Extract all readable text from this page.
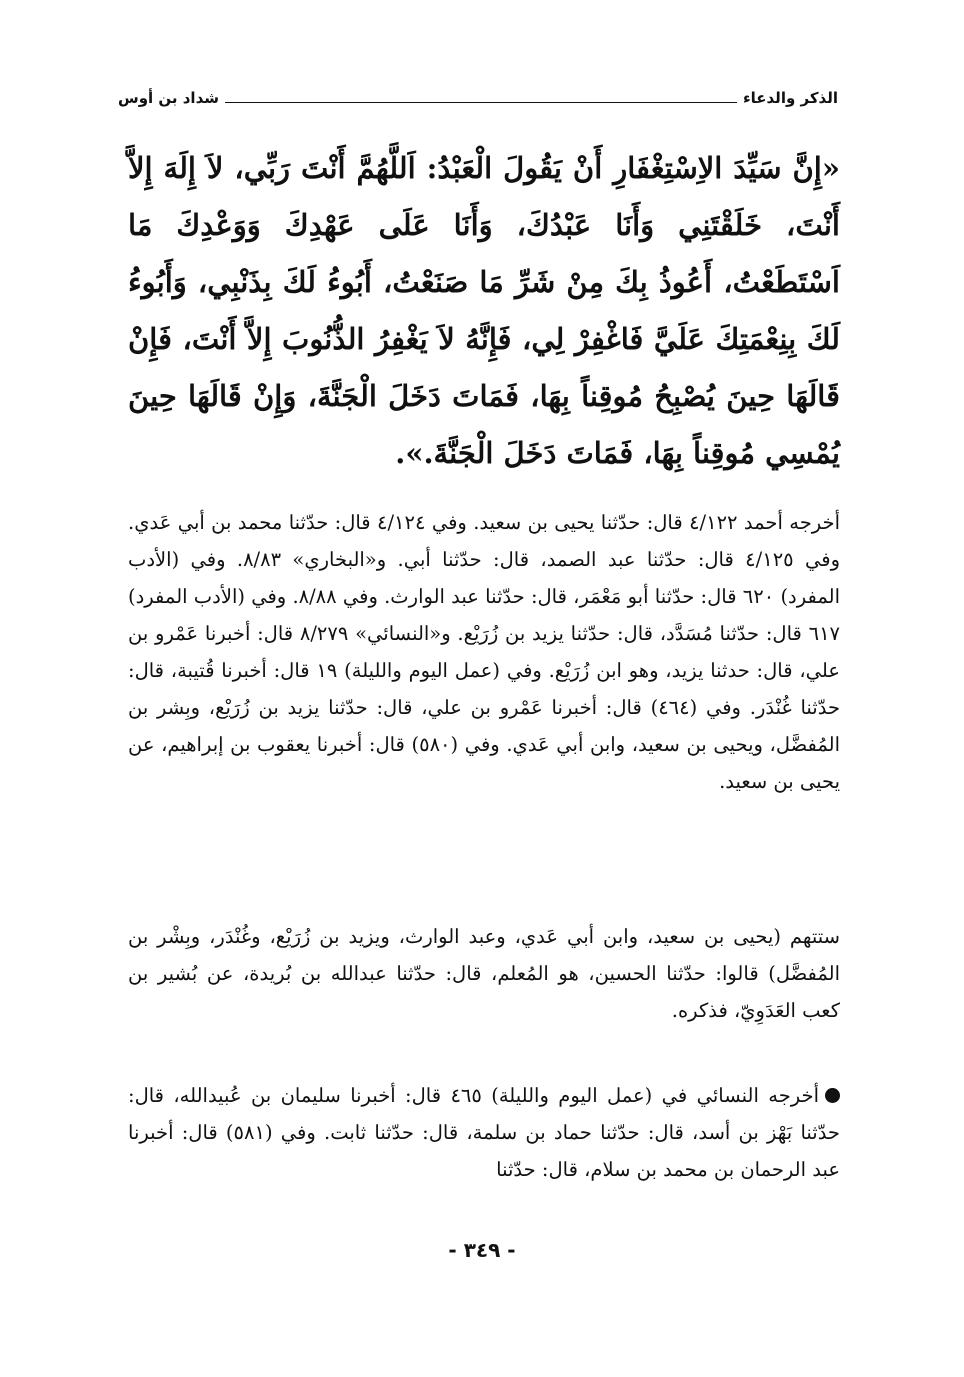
الذكر والدعاء
شداد بن أوس
«إِنَّ سَيِّدَ الاِسْتِغْفَارِ أَنْ يَقُولَ الْعَبْدُ: اَللَّهُمَّ أَنْتَ رَبِّي، لاَ إِلَهَ إِلاَّ أَنْتَ، خَلَقْتَنِي وَأَنَا عَبْدُكَ، وَأَنَا عَلَى عَهْدِكَ وَوَعْدِكَ مَا اَسْتَطَعْتُ، أَعُوذُ بِكَ مِنْ شَرِّ مَا صَنَعْتُ، أَبُوءُ لَكَ بِذَنْبِي، وَأَبُوءُ لَكَ بِنِعْمَتِكَ عَلَيَّ فَاغْفِرْ لِي، فَإِنَّهُ لاَ يَغْفِرُ الذُّنُوبَ إِلاَّ أَنْتَ، فَإِنْ قَالَهَا حِينَ يُصْبِحُ مُوقِناً بِهَا، فَمَاتَ دَخَلَ الْجَنَّةَ، وَإِنْ قَالَهَا حِينَ يُمْسِي مُوقِناً بِهَا، فَمَاتَ دَخَلَ الْجَنَّةَ.».
أخرجه أحمد ٤/١٢٢ قال: حدّثنا يحيى بن سعيد. وفي ٤/١٢٤ قال: حدّثنا محمد بن أبي عَدي. وفي ٤/١٢٥ قال: حدّثنا عبد الصمد، قال: حدّثنا أبي. و«البخاري» ٨/٨٣. وفي (الأدب المفرد) ٦٢٠ قال: حدّثنا أبو مَعْمَر، قال: حدّثنا عبد الوارث. وفي ٨/٨٨. وفي (الأدب المفرد) ٦١٧ قال: حدّثنا مُسَدَّد، قال: حدّثنا يزيد بن زُرَيْع. و«النسائي» ٨/٢٧٩ قال: أخبرنا عَمْرو بن علي، قال: حدثنا يزيد، وهو ابن زُرَيْع. وفي (عمل اليوم والليلة) ١٩ قال: أخبرنا قُتيبة، قال: حدّثنا غُنْدَر. وفي (٤٦٤) قال: أخبرنا عَمْرو بن علي، قال: حدّثنا يزيد بن زُرَيْع، وبِشر بن المُفضَّل، ويحيى بن سعيد، وابن أبي عَدي. وفي (٥٨٠) قال: أخبرنا يعقوب بن إبراهيم، عن يحيى بن سعيد.
ستتهم (يحيى بن سعيد، وابن أبي عَدي، وعبد الوارث، ويزيد بن زُرَيْع، وغُنْدَر، وبِشْر بن المُفضَّل) قالوا: حدّثنا الحسين، هو المُعلم، قال: حدّثنا عبدالله بن بُريدة، عن بُشير بن كعب العَدَوِيّ، فذكره.
أخرجه النسائي في (عمل اليوم والليلة) ٤٦٥ قال: أخبرنا سليمان بن عُبيدالله، قال: حدّثنا بَهْز بن أسد، قال: حدّثنا حماد بن سلمة، قال: حدّثنا ثابت. وفي (٥٨١) قال: أخبرنا عبد الرحمان بن محمد بن سلام، قال: حدّثنا
- ٣٤٩ -
